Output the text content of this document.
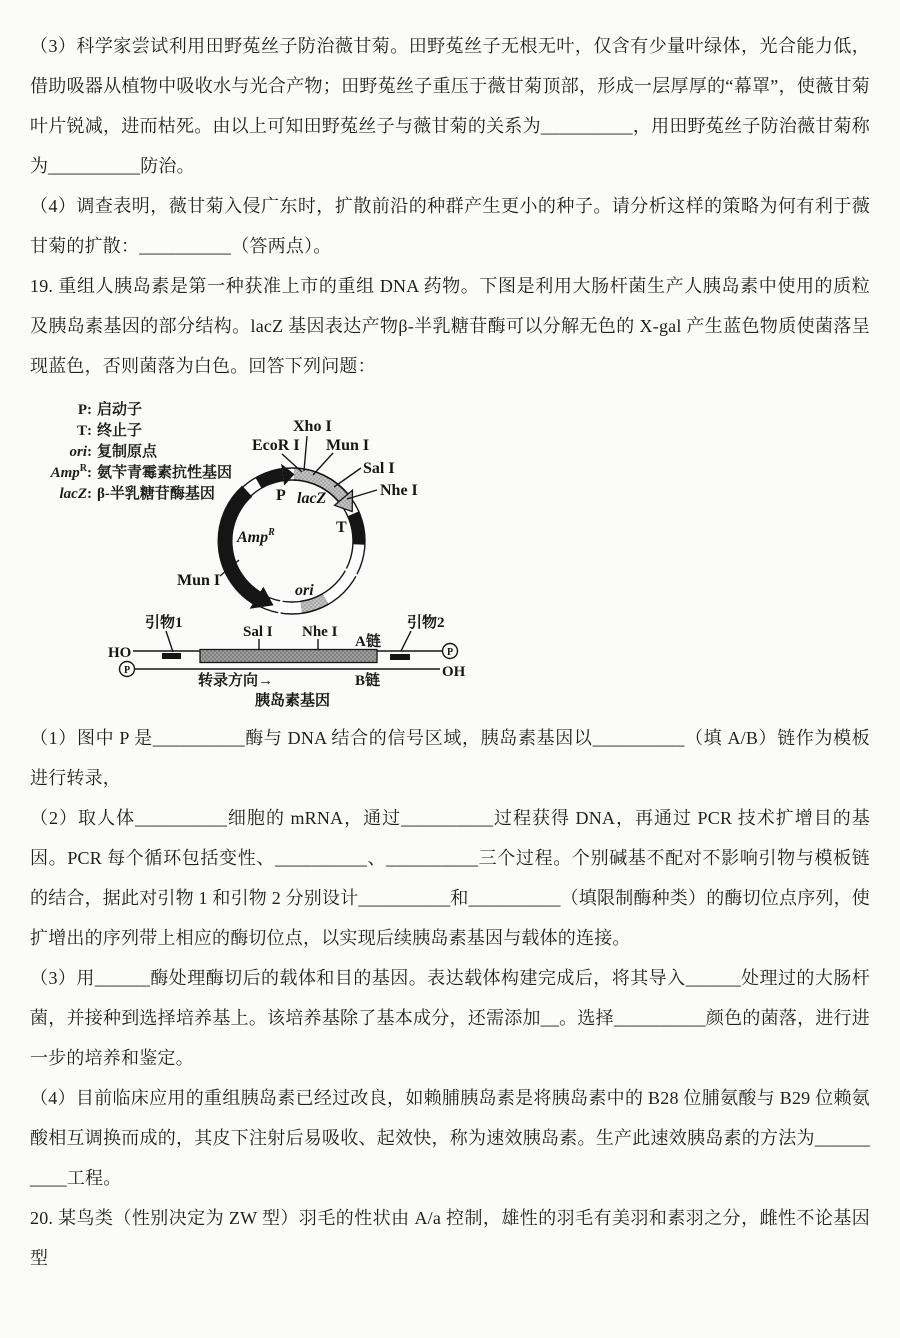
（3）科学家尝试利用田野菟丝子防治薇甘菊。田野菟丝子无根无叶，仅含有少量叶绿体，光合能力低，借助吸器从植物中吸收水与光合产物；田野菟丝子重压于薇甘菊顶部，形成一层厚厚的“幕罩”，使薇甘菊叶片锐减，进而枯死。由以上可知田野菟丝子与薇甘菊的关系为__________，用田野菟丝子防治薇甘菊称为__________防治。

（4）调查表明，薇甘菊入侵广东时，扩散前沿的种群产生更小的种子。请分析这样的策略为何有利于薇甘菊的扩散：__________（答两点）。

19. 重组人胰岛素是第一种获准上市的重组 DNA 药物。下图是利用大肠杆菌生产人胰岛素中使用的质粒及胰岛素基因的部分结构。lacZ 基因表达产物β-半乳糖苷酶可以分解无色的 X-gal 产生蓝色物质使菌落呈现蓝色，否则菌落为白色。回答下列问题：

P: 启动子
T: 终止子
ori: 复制原点
Amp$^R$: 氨苄青霉素抗性基因
lacZ: β-半乳糖苷酶基因
EcoR I
Xho I
Mun I
Sal I
Nhe I
Mun I
P lacZ
T
Amp$^R$
ori
P
P
HO
OH
引物1	引物2
Sal I Nhe I
A链
B链
转录方向→
胰岛素基因

（1）图中 P 是__________酶与 DNA 结合的信号区域，胰岛素基因以__________（填 A/B）链作为模板进行转录，

（2）取人体__________细胞的 mRNA，通过__________过程获得 DNA，再通过 PCR 技术扩增目的基因。PCR 每个循环包括变性、__________、__________三个过程。个别碱基不配对不影响引物与模板链的结合，据此对引物 1 和引物 2 分别设计__________和__________（填限制酶种类）的酶切位点序列，使扩增出的序列带上相应的酶切位点，以实现后续胰岛素基因与载体的连接。

（3）用______酶处理酶切后的载体和目的基因。表达载体构建完成后，将其导入______处理过的大肠杆菌，并接种到选择培养基上。该培养基除了基本成分，还需添加__。选择__________颜色的菌落，进行进一步的培养和鉴定。

（4）目前临床应用的重组胰岛素已经过改良，如赖脯胰岛素是将胰岛素中的 B28 位脯氨酸与 B29 位赖氨酸相互调换而成的，其皮下注射后易吸收、起效快，称为速效胰岛素。生产此速效胰岛素的方法为__________工程。

20. 某鸟类（性别决定为 ZW 型）羽毛的性状由 A/a 控制，雄性的羽毛有美羽和素羽之分，雌性不论基因型
